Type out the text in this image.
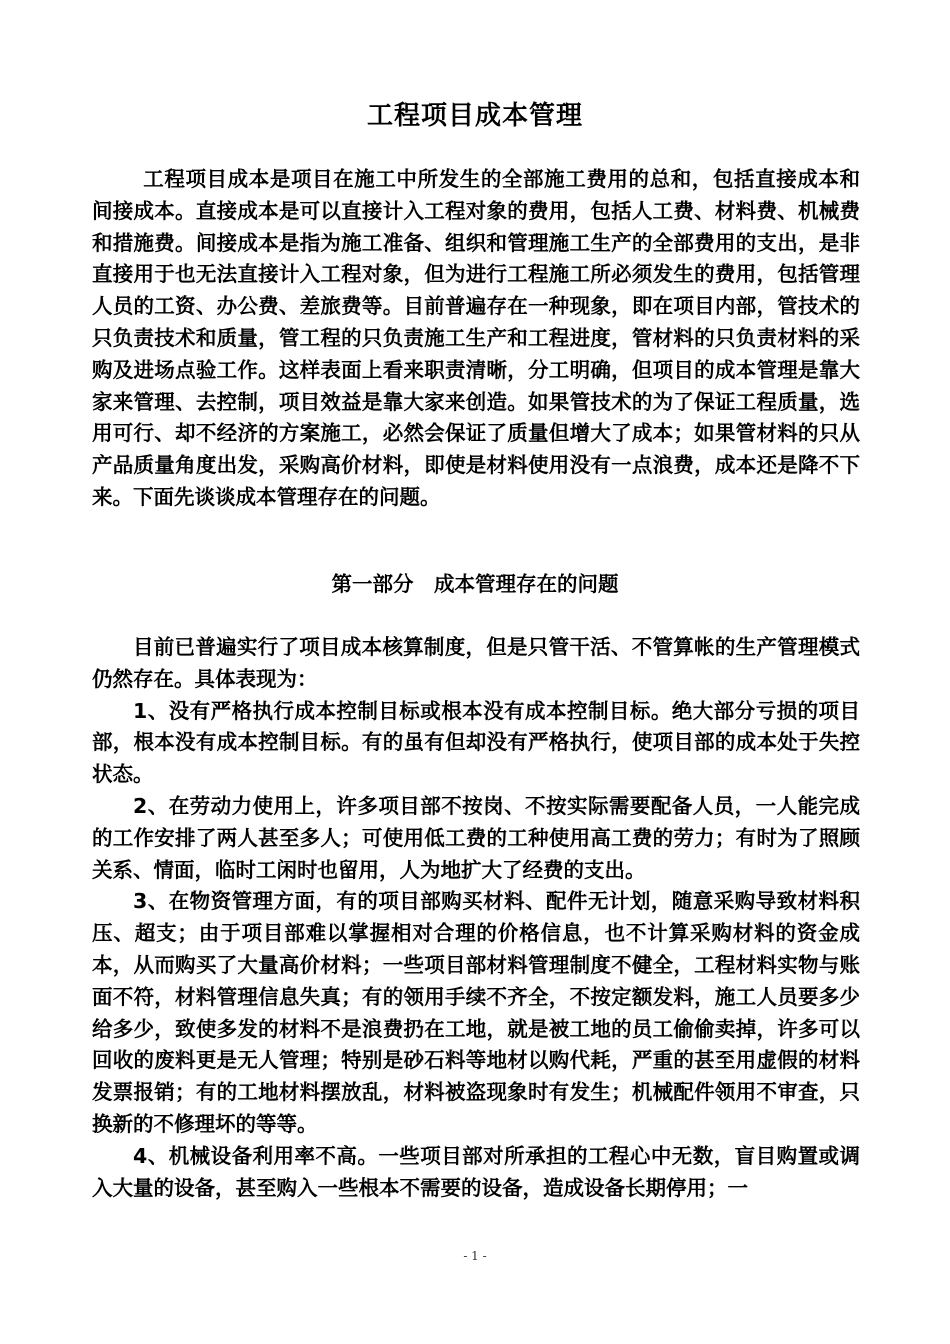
工程项目成本管理

工程项目成本是项目在施工中所发生的全部施工费用的总和，包括直接成本和间接成本。直接成本是可以直接计入工程对象的费用，包括人工费、材料费、机械费和措施费。间接成本是指为施工准备、组织和管理施工生产的全部费用的支出，是非直接用于也无法直接计入工程对象，但为进行工程施工所必须发生的费用，包括管理人员的工资、办公费、差旅费等。目前普遍存在一种现象，即在项目内部，管技术的只负责技术和质量，管工程的只负责施工生产和工程进度，管材料的只负责材料的采购及进场点验工作。这样表面上看来职责清晰，分工明确，但项目的成本管理是靠大家来管理、去控制，项目效益是靠大家来创造。如果管技术的为了保证工程质量，选用可行、却不经济的方案施工，必然会保证了质量但增大了成本；如果管材料的只从产品质量角度出发，采购高价材料，即使是材料使用没有一点浪费，成本还是降不下来。下面先谈谈成本管理存在的问题。

第一部分　成本管理存在的问题

目前已普遍实行了项目成本核算制度，但是只管干活、不管算帐的生产管理模式仍然存在。具体表现为：

1、没有严格执行成本控制目标或根本没有成本控制目标。绝大部分亏损的项目部，根本没有成本控制目标。有的虽有但却没有严格执行，使项目部的成本处于失控状态。

2、在劳动力使用上，许多项目部不按岗、不按实际需要配备人员，一人能完成的工作安排了两人甚至多人；可使用低工费的工种使用高工费的劳力；有时为了照顾关系、情面，临时工闲时也留用，人为地扩大了经费的支出。

3、在物资管理方面，有的项目部购买材料、配件无计划，随意采购导致材料积压、超支；由于项目部难以掌握相对合理的价格信息，也不计算采购材料的资金成本，从而购买了大量高价材料；一些项目部材料管理制度不健全，工程材料实物与账面不符，材料管理信息失真；有的领用手续不齐全，不按定额发料，施工人员要多少给多少，致使多发的材料不是浪费扔在工地，就是被工地的员工偷偷卖掉，许多可以回收的废料更是无人管理；特别是砂石料等地材以购代耗，严重的甚至用虚假的材料发票报销；有的工地材料摆放乱，材料被盗现象时有发生；机械配件领用不审查，只换新的不修理坏的等等。

4、机械设备利用率不高。一些项目部对所承担的工程心中无数，盲目购置或调入大量的设备，甚至购入一些根本不需要的设备，造成设备长期停用；一

- 1 -
